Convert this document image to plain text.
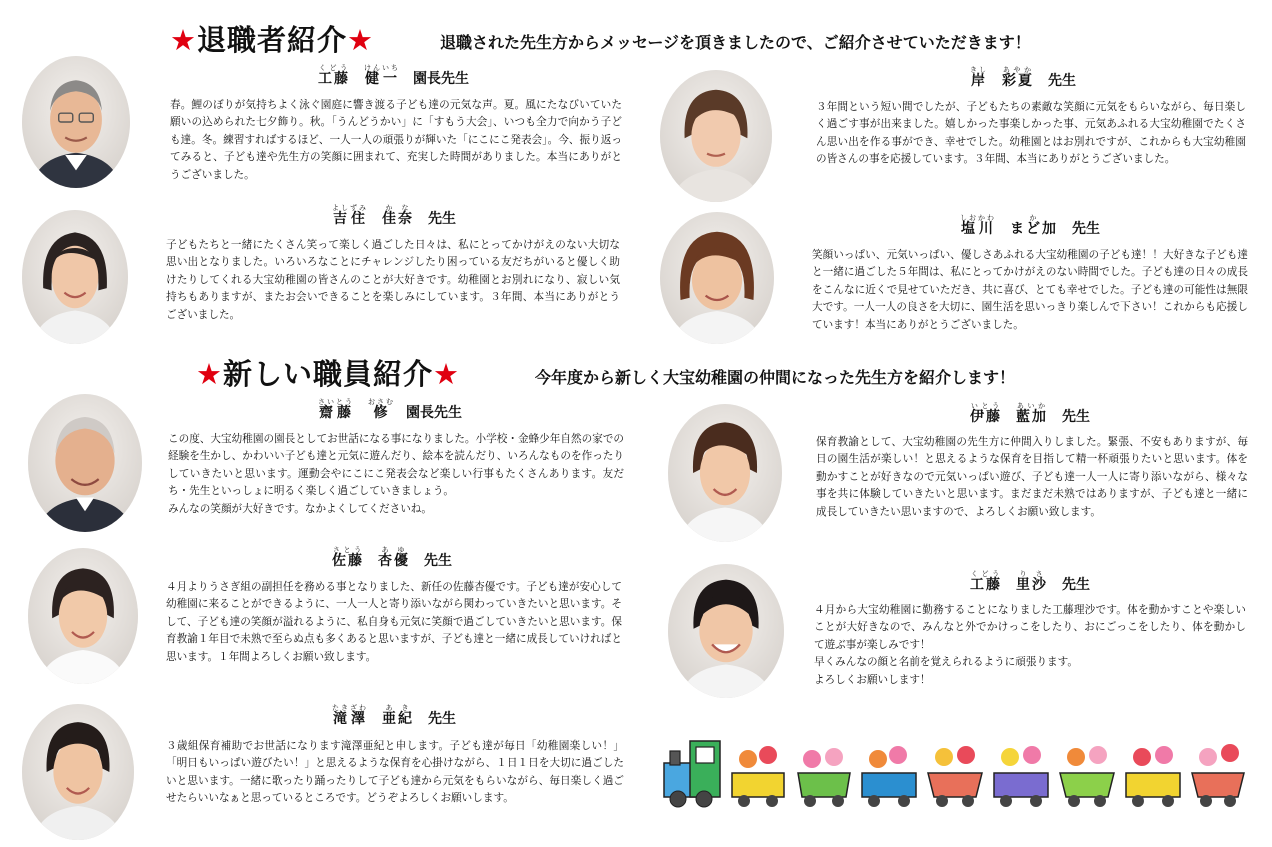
★退職者紹介★	退職された先生方からメッセージを頂きましたので、ご紹介させていただきます！
★新しい職員紹介★	今年度から新しく大宝幼稚園の仲間になった先生方を紹介します！
工藤くどう健一けんいち園長先生
吉住よしずみ佳奈かな先生
岸きし彩夏あやか先生
塩川しおかわまど加か先生
齋藤さいとう修おさむ園長先生
佐藤さとう杏優あゆ先生
滝澤たきざわ亜紀あき先生
伊藤いとう藍加あいか先生
工藤くどう里沙りさ先生
春。鯉のぼりが気持ちよく泳ぐ園庭に響き渡る子ども達の元気な声。夏。風にたなびいていた願いの込められた七夕飾り。秋。「うんどうかい」に「すもう大会」、いつも全力で向かう子ども達。冬。練習すればするほど、一人一人の頑張りが輝いた「にこにこ発表会」。今、振り返ってみると、子ども達や先生方の笑顔に囲まれて、充実した時間がありました。本当にありがとうございました。
子どもたちと一緒にたくさん笑って楽しく過ごした日々は、私にとってかけがえのない大切な思い出となりました。いろいろなことにチャレンジしたり困っている友だちがいると優しく助けたりしてくれる大宝幼稚園の皆さんのことが大好きです。幼稚園とお別れになり、寂しい気持ちもありますが、またお会いできることを楽しみにしています。３年間、本当にありがとうございました。
３年間という短い間でしたが、子どもたちの素敵な笑顔に元気をもらいながら、毎日楽しく過ごす事が出来ました。嬉しかった事楽しかった事、元気あふれる大宝幼稚園でたくさん思い出を作る事ができ、幸せでした。幼稚園とはお別れですが、これからも大宝幼稚園の皆さんの事を応援しています。３年間、本当にありがとうございました。
笑顔いっぱい、元気いっぱい、優しさあふれる大宝幼稚園の子ども達！！大好きな子ども達と一緒に過ごした５年間は、私にとってかけがえのない時間でした。子ども達の日々の成長をこんなに近くで見せていただき、共に喜び、とても幸せでした。子ども達の可能性は無限大です。一人一人の良さを大切に、園生活を思いっきり楽しんで下さい！これからも応援しています！本当にありがとうございました。
この度、大宝幼稚園の園長としてお世話になる事になりました。小学校・金蜂少年自然の家での経験を生かし、かわいい子ども達と元気に遊んだり、絵本を読んだり、いろんなものを作ったりしていきたいと思います。運動会やにこにこ発表会など楽しい行事もたくさんあります。友だち・先生といっしょに明るく楽しく過ごしていきましょう。
みんなの笑顔が大好きです。なかよくしてくださいね。
４月よりうさぎ組の副担任を務める事となりました、新任の佐藤杏優です。子ども達が安心して幼稚園に来ることができるように、一人一人と寄り添いながら関わっていきたいと思います。そして、子ども達の笑顔が溢れるように、私自身も元気に笑顔で過ごしていきたいと思います。保育教諭１年目で未熟で至らぬ点も多くあると思いますが、子ども達と一緒に成長していければと思います。１年間よろしくお願い致します。
３歳組保育補助でお世話になります滝澤亜紀と申します。子ども達が毎日「幼稚園楽しい！」「明日もいっぱい遊びたい！」と思えるような保育を心掛けながら、１日１日を大切に過ごしたいと思います。一緒に歌ったり踊ったりして子ども達から元気をもらいながら、毎日楽しく過ごせたらいいなぁと思っているところです。どうぞよろしくお願いします。
保育教諭として、大宝幼稚園の先生方に仲間入りしました。緊張、不安もありますが、毎日の園生活が楽しい！と思えるような保育を目指して精一杯頑張りたいと思います。体を動かすことが好きなので元気いっぱい遊び、子ども達一人一人に寄り添いながら、様々な事を共に体験していきたいと思います。まだまだ未熟ではありますが、子ども達と一緒に成長していきたい思いますので、よろしくお願い致します。
４月から大宝幼稚園に勤務することになりました工藤理沙です。体を動かすことや楽しいことが大好きなので、みんなと外でかけっこをしたり、おにごっこをしたり、体を動かして遊ぶ事が楽しみです！
早くみんなの顔と名前を覚えられるように頑張ります。
よろしくお願いします！
